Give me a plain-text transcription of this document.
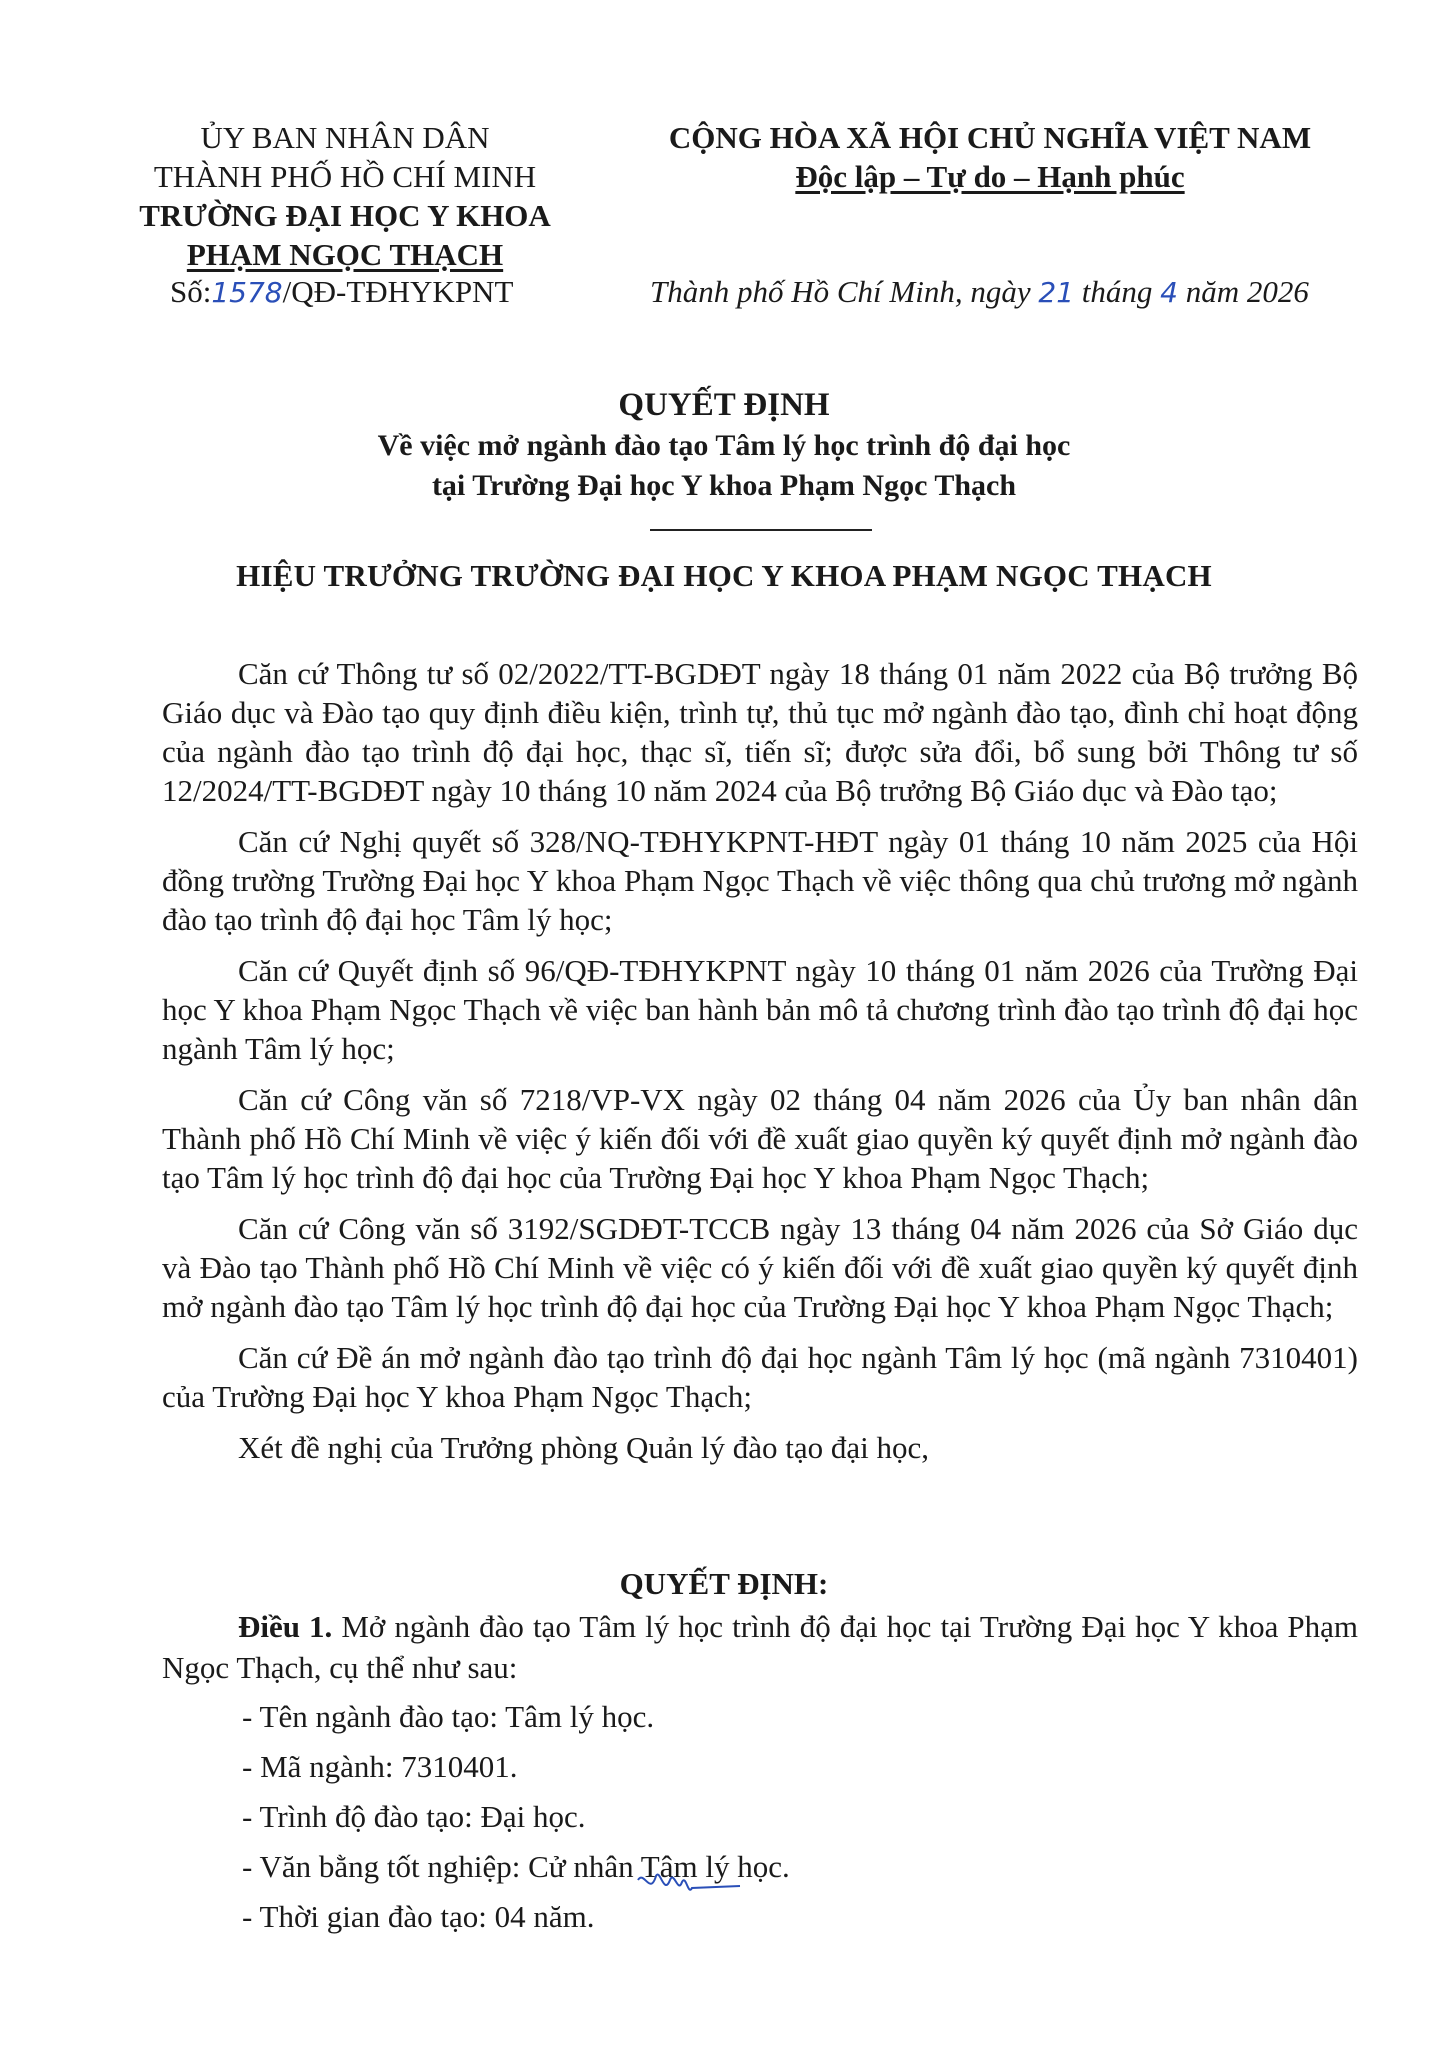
ỦY BAN NHÂN DÂN
THÀNH PHỐ HỒ CHÍ MINH
TRƯỜNG ĐẠI HỌC Y KHOA
PHẠM NGỌC THẠCH
CỘNG HÒA XÃ HỘI CHỦ NGHĨA VIỆT NAM
Độc lập – Tự do – Hạnh phúc
Số:1578/QĐ-TĐHYKPNT	Thành phố Hồ Chí Minh, ngày 21 tháng 4 năm 2026
QUYẾT ĐỊNH
Về việc mở ngành đào tạo Tâm lý học trình độ đại học
tại Trường Đại học Y khoa Phạm Ngọc Thạch
HIỆU TRƯỞNG TRƯỜNG ĐẠI HỌC Y KHOA PHẠM NGỌC THẠCH

Căn cứ Thông tư số 02/2022/TT-BGDĐT ngày 18 tháng 01 năm 2022 của Bộ trưởng Bộ Giáo dục và Đào tạo quy định điều kiện, trình tự, thủ tục mở ngành đào tạo, đình chỉ hoạt động của ngành đào tạo trình độ đại học, thạc sĩ, tiến sĩ; được sửa đổi, bổ sung bởi Thông tư số 12/2024/TT-BGDĐT ngày 10 tháng 10 năm 2024 của Bộ trưởng Bộ Giáo dục và Đào tạo;

Căn cứ Nghị quyết số 328/NQ-TĐHYKPNT-HĐT ngày 01 tháng 10 năm 2025 của Hội đồng trường Trường Đại học Y khoa Phạm Ngọc Thạch về việc thông qua chủ trương mở ngành đào tạo trình độ đại học Tâm lý học;

Căn cứ Quyết định số 96/QĐ-TĐHYKPNT ngày 10 tháng 01 năm 2026 của Trường Đại học Y khoa Phạm Ngọc Thạch về việc ban hành bản mô tả chương trình đào tạo trình độ đại học ngành Tâm lý học;

Căn cứ Công văn số 7218/VP-VX ngày 02 tháng 04 năm 2026 của Ủy ban nhân dân Thành phố Hồ Chí Minh về việc ý kiến đối với đề xuất giao quyền ký quyết định mở ngành đào tạo Tâm lý học trình độ đại học của Trường Đại học Y khoa Phạm Ngọc Thạch;

Căn cứ Công văn số 3192/SGDĐT-TCCB ngày 13 tháng 04 năm 2026 của Sở Giáo dục và Đào tạo Thành phố Hồ Chí Minh về việc có ý kiến đối với đề xuất giao quyền ký quyết định mở ngành đào tạo Tâm lý học trình độ đại học của Trường Đại học Y khoa Phạm Ngọc Thạch;

Căn cứ Đề án mở ngành đào tạo trình độ đại học ngành Tâm lý học (mã ngành 7310401) của Trường Đại học Y khoa Phạm Ngọc Thạch;

Xét đề nghị của Trưởng phòng Quản lý đào tạo đại học,

QUYẾT ĐỊNH:

Điều 1. Mở ngành đào tạo Tâm lý học trình độ đại học tại Trường Đại học Y khoa Phạm Ngọc Thạch, cụ thể như sau:

- Tên ngành đào tạo: Tâm lý học.
- Mã ngành: 7310401.
- Trình độ đào tạo: Đại học.
- Văn bằng tốt nghiệp: Cử nhân Tâm lý học.
- Thời gian đào tạo: 04 năm.
